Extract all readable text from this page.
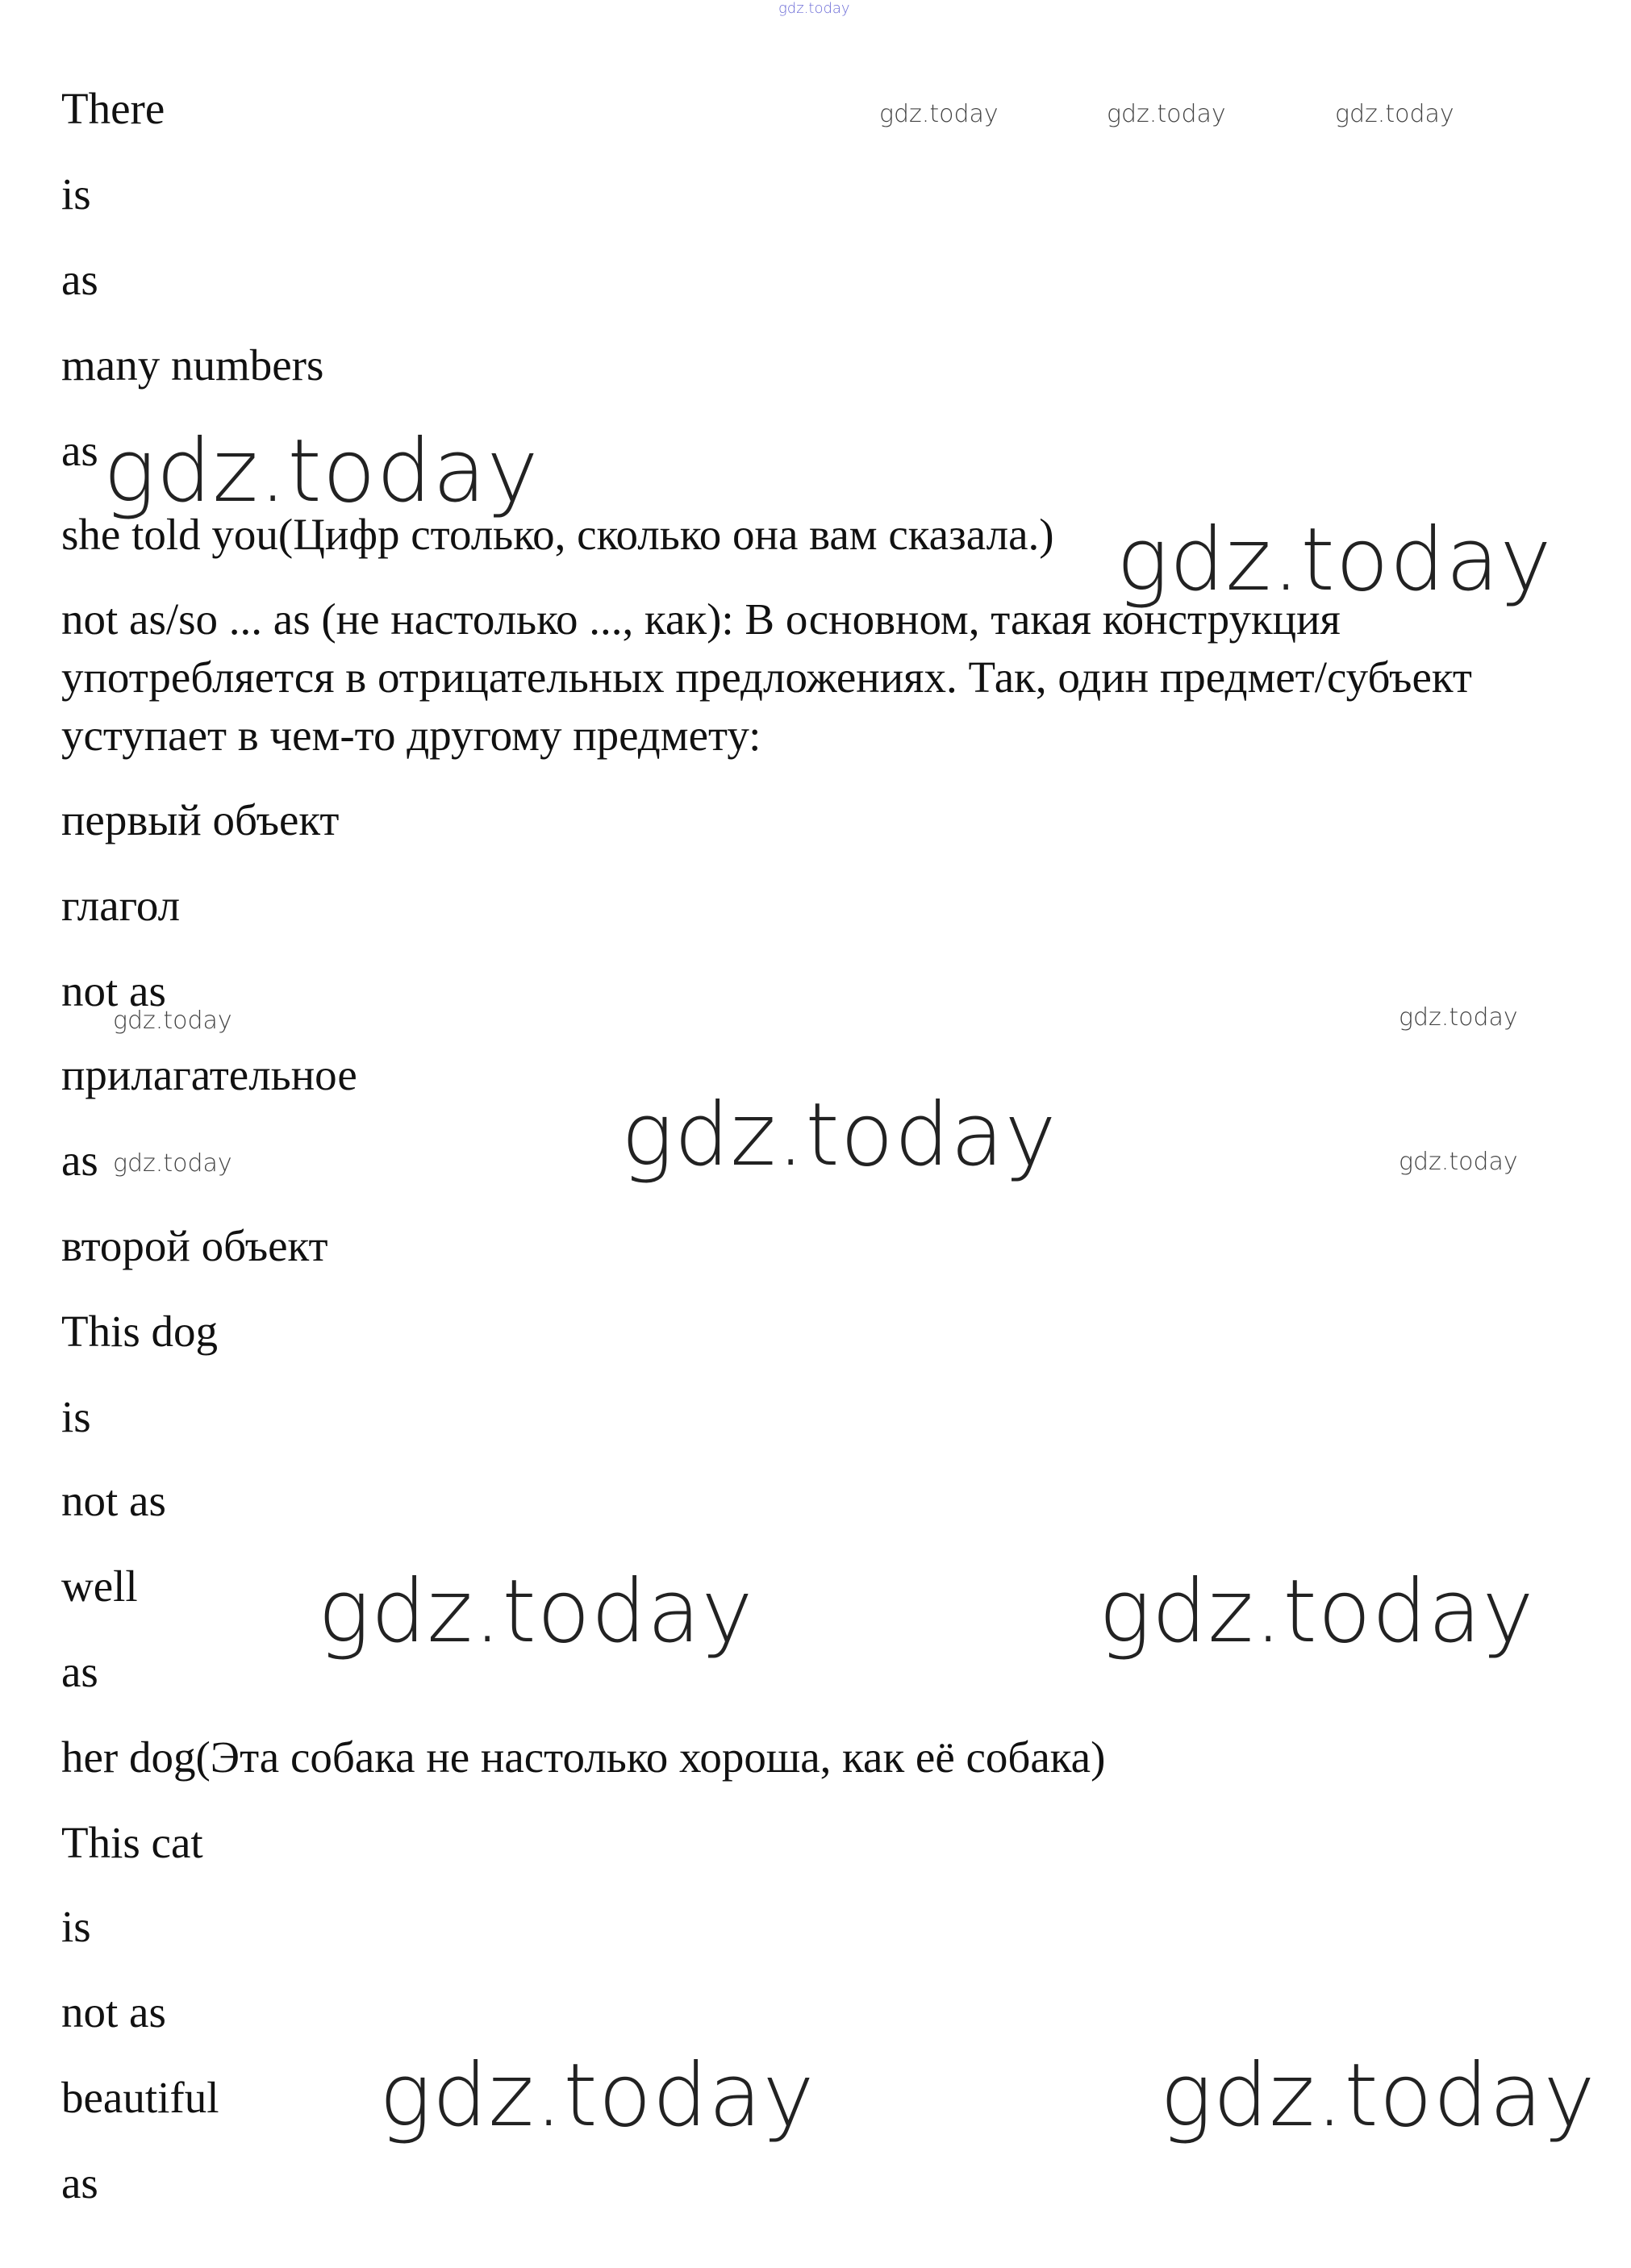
gdz.today
gdz.today	gdz.today	gdz.today
gdz.today
gdz.today
gdz.today	gdz.today
gdz.today
gdz.today	gdz.today
gdz.today	gdz.today
gdz.today	gdz.today

There

is

as

many numbers

as

she told you(Цифр столько, сколько она вам сказала.)

not as/so ... as (не настолько ..., как): В основном, такая конструкция употребляется в отрицательных предложениях. Так, один предмет/субъект уступает в чем-то другому предмету:

первый объект

глагол

not as

прилагательное

as

второй объект

This dog

is

not as

well

as

her dog(Эта собака не настолько хороша, как её собака)

This cat

is

not as

beautiful

as
